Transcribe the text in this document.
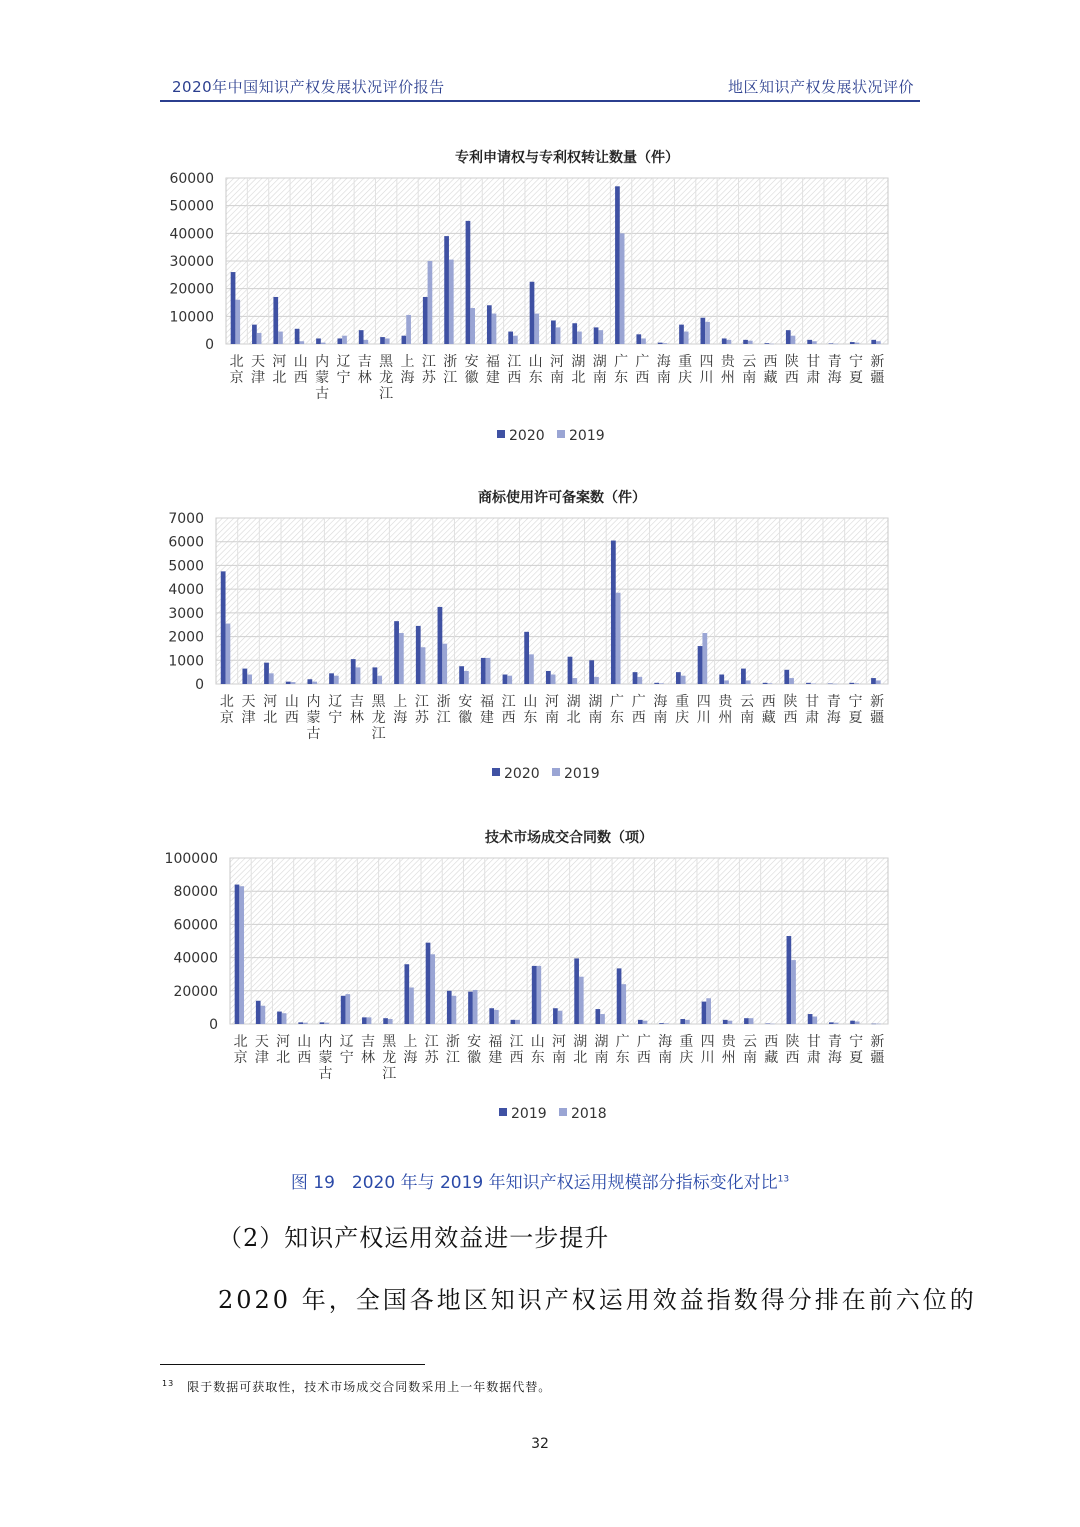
2020年中国知识产权发展状况评价报告	地区知识产权发展状况评价
专利申请权与专利权转让数量（件）
0
10000
20000
30000
40000
50000
60000
北京
天津
河北
山西
内蒙古
辽宁
吉林
黑龙江
上海
江苏
浙江
安徽
福建
江西
山东
河南
湖北
湖南
广东
广西
海南
重庆
四川
贵州
云南
西藏
陕西
甘肃
青海
宁夏
新疆
2020 2019
商标使用许可备案数（件）
0
1000
2000
3000
4000
5000
6000
7000
北京
天津
河北
山西
内蒙古
辽宁
吉林
黑龙江
上海
江苏
浙江
安徽
福建
江西
山东
河南
湖北
湖南
广东
广西
海南
重庆
四川
贵州
云南
西藏
陕西
甘肃
青海
宁夏
新疆
2020 2019
技术市场成交合同数（项）
0
20000
40000
60000
80000
100000
北京
天津
河北
山西
内蒙古
辽宁
吉林
黑龙江
上海
江苏
浙江
安徽
福建
江西
山东
河南
湖北
湖南
广东
广西
海南
重庆
四川
贵州
云南
西藏
陕西
甘肃
青海
宁夏
新疆
2019 2018
图 19　2020 年与 2019 年知识产权运用规模部分指标变化对比$^{13}$
（2）知识产权运用效益进一步提升
2020 年，全国各地区知识产权运用效益指数得分排在前六位的
$^{13}$　 限于数据可获取性，技术市场成交合同数采用上一年数据代替。
32
